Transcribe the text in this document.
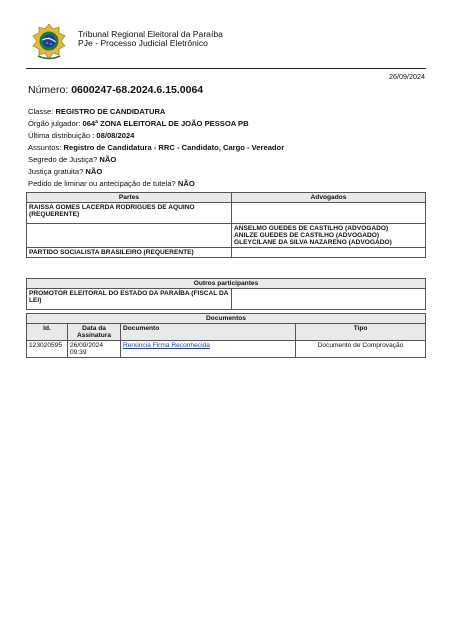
Tribunal Regional Eleitoral da Paraíba
PJe - Processo Judicial Eletrônico
26/09/2024
Número: 0600247-68.2024.6.15.0064
Classe: REGISTRO DE CANDIDATURA
Órgão julgador: 064ª ZONA ELEITORAL DE JOÃO PESSOA PB
Última distribuição : 08/08/2024
Assuntos: Registro de Candidatura - RRC - Candidato, Cargo - Vereador
Segredo de Justiça? NÃO
Justiça gratuita? NÃO
Pedido de liminar ou antecipação de tutela? NÃO
Partes	Advogados
RAISSA GOMES LACERDA RODRIGUES DE AQUINO (REQUERENTE)	

	ANSELMO GUEDES DE CASTILHO (ADVOGADO)
ANILZE GUEDES DE CASTILHO (ADVOGADO)
GLEYCILANE DA SILVA NAZARENO (ADVOGADO)

PARTIDO SOCIALISTA BRASILEIRO (REQUERENTE)	
Outros participantes
PROMOTOR ELEITORAL DO ESTADO DA PARAÍBA (FISCAL DA LEI)	
Documentos			
Id.	Data da Assinatura	Documento	Tipo
123020595	26/09/2024 09:39	Renúncia Firma Reconhecida	Documento de Comprovação
